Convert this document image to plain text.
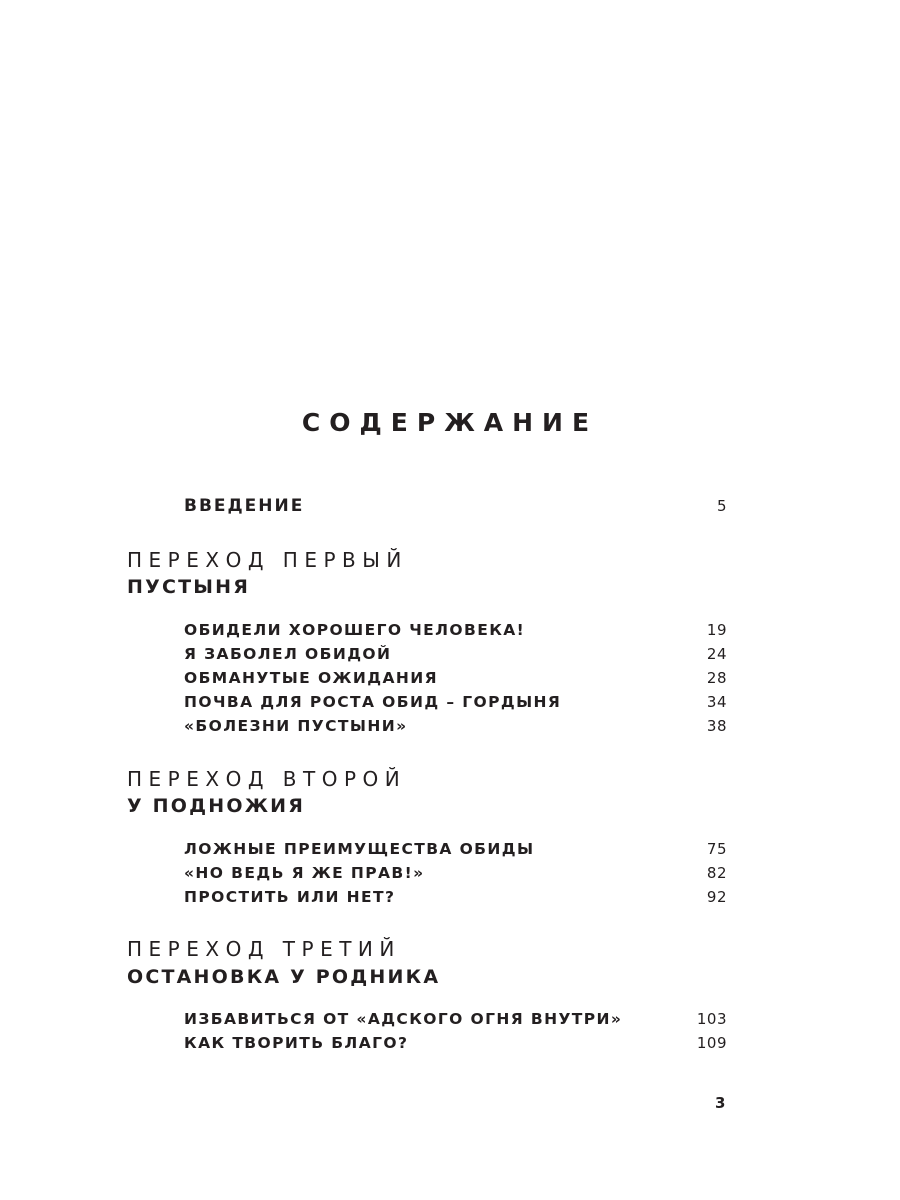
СОДЕРЖАНИЕ
ВВЕДЕНИЕ	5
ПЕРЕХОД ПЕРВЫЙ
ПУСТЫНЯ
ОБИДЕЛИ ХОРОШЕГО ЧЕЛОВЕКА!	19
Я ЗАБОЛЕЛ ОБИДОЙ	24
ОБМАНУТЫЕ ОЖИДАНИЯ	28
ПОЧВА ДЛЯ РОСТА ОБИД – ГОРДЫНЯ	34
«БОЛЕЗНИ ПУСТЫНИ»	38
ПЕРЕХОД ВТОРОЙ
У ПОДНОЖИЯ
ЛОЖНЫЕ ПРЕИМУЩЕСТВА ОБИДЫ	75
«НО ВЕДЬ Я ЖЕ ПРАВ!»	82
ПРОСТИТЬ ИЛИ НЕТ?	92
ПЕРЕХОД ТРЕТИЙ
ОСТАНОВКА У РОДНИКА
ИЗБАВИТЬСЯ ОТ «АДСКОГО ОГНЯ ВНУТРИ»	103
КАК ТВОРИТЬ БЛАГО?	109
3
